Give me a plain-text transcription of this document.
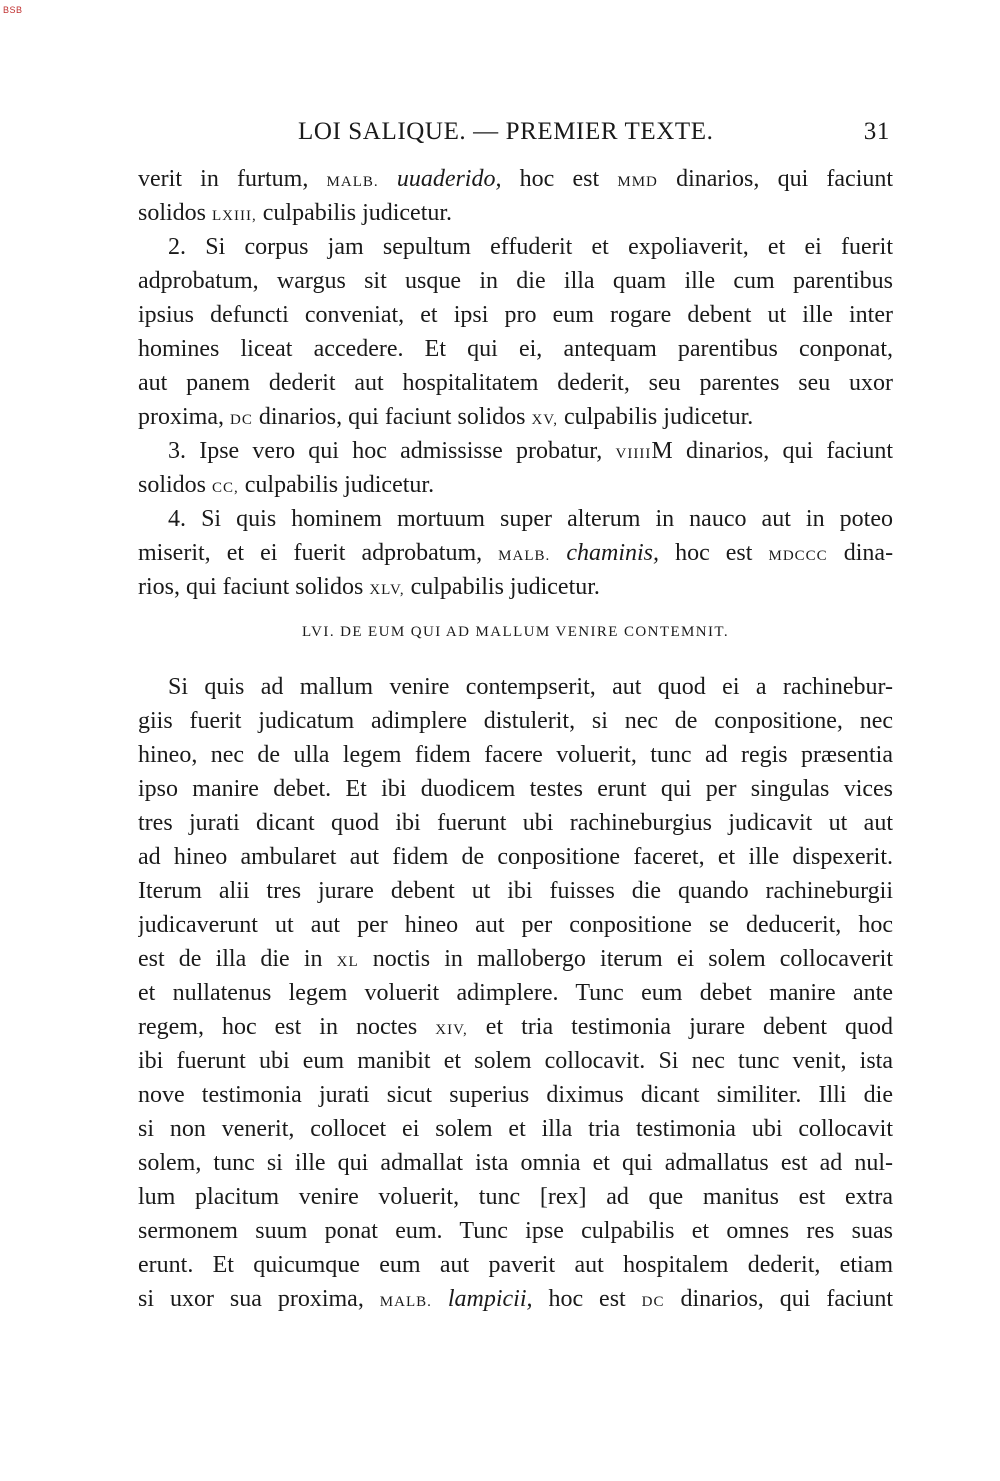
BSB
LOI SALIQUE. — PREMIER TEXTE.	31
verit in furtum, MALB. uuaderido, hoc est MMD dinarios, qui faciunt
solidos LXIII, culpabilis judicetur.
2. Si corpus jam sepultum effuderit et expoliaverit, et ei fuerit
adprobatum, wargus sit usque in die illa quam ille cum parentibus
ipsius defuncti conveniat, et ipsi pro eum rogare debent ut ille inter
homines liceat accedere. Et qui ei, antequam parentibus conponat,
aut panem dederit aut hospitalitatem dederit, seu parentes seu uxor
proxima, DC dinarios, qui faciunt solidos XV, culpabilis judicetur.
3. Ipse vero qui hoc admississe probatur, VIIIIM dinarios, qui faciunt
solidos CC, culpabilis judicetur.
4. Si quis hominem mortuum super alterum in nauco aut in poteo
miserit, et ei fuerit adprobatum, MALB. chaminis, hoc est MDCCC dina-
rios, qui faciunt solidos XLV, culpabilis judicetur.
LVI. DE EUM QUI AD MALLUM VENIRE CONTEMNIT.
Si quis ad mallum venire contempserit, aut quod ei a rachinebur-
giis fuerit judicatum adimplere distulerit, si nec de conpositione, nec
hineo, nec de ulla legem fidem facere voluerit, tunc ad regis præsentia
ipso manire debet. Et ibi duodicem testes erunt qui per singulas vices
tres jurati dicant quod ibi fuerunt ubi rachineburgius judicavit ut aut
ad hineo ambularet aut fidem de conpositione faceret, et ille dispexerit.
Iterum alii tres jurare debent ut ibi fuisses die quando rachineburgii
judicaverunt ut aut per hineo aut per conpositione se deducerit, hoc
est de illa die in XL noctis in mallobergo iterum ei solem collocaverit
et nullatenus legem voluerit adimplere. Tunc eum debet manire ante
regem, hoc est in noctes XIV, et tria testimonia jurare debent quod
ibi fuerunt ubi eum manibit et solem collocavit. Si nec tunc venit, ista
nove testimonia jurati sicut superius diximus dicant similiter. Illi die
si non venerit, collocet ei solem et illa tria testimonia ubi collocavit
solem, tunc si ille qui admallat ista omnia et qui admallatus est ad nul-
lum placitum venire voluerit, tunc [rex] ad que manitus est extra
sermonem suum ponat eum. Tunc ipse culpabilis et omnes res suas
erunt. Et quicumque eum aut paverit aut hospitalem dederit, etiam
si uxor sua proxima, MALB. lampicii, hoc est DC dinarios, qui faciunt
